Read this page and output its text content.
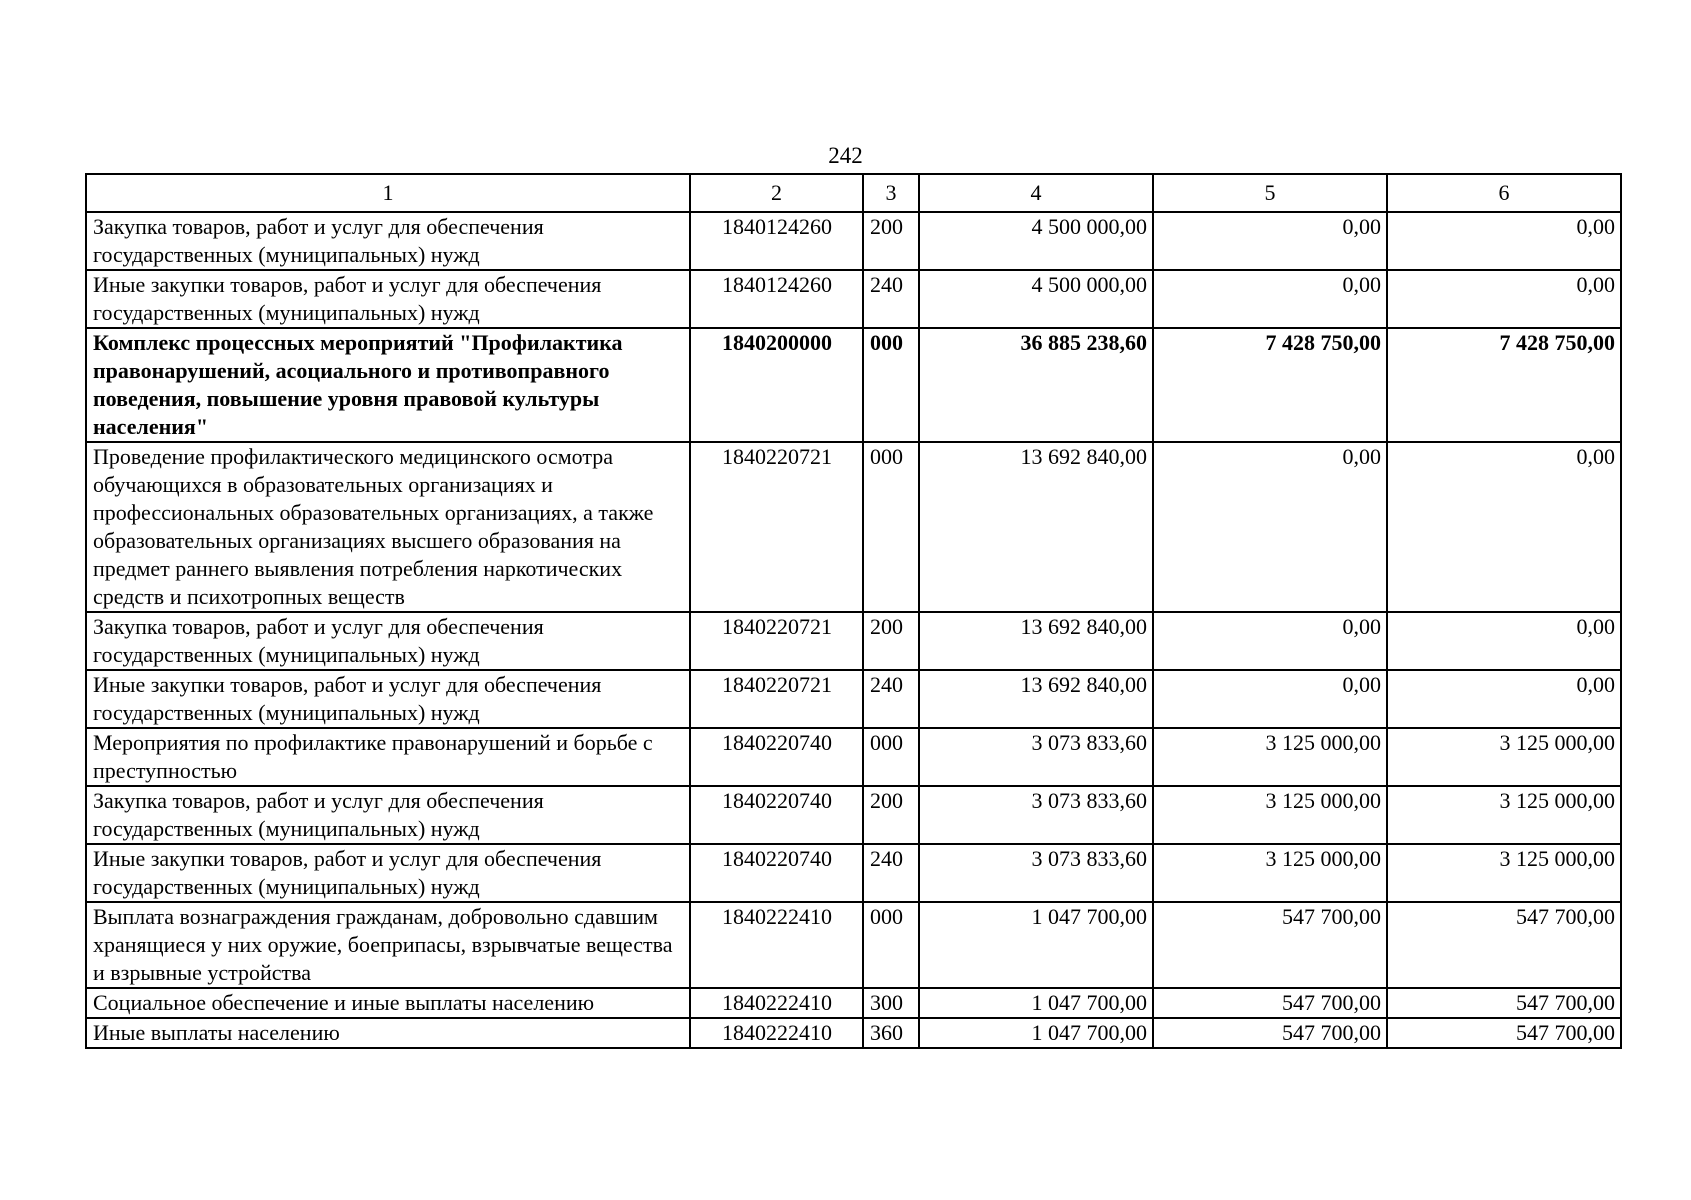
242
1	2	3	4	5	6
Закупка товаров, работ и услуг для обеспечения государственных (муниципальных) нужд	1840124260	200	4 500 000,00	0,00	0,00
Иные закупки товаров, работ и услуг для обеспечения государственных (муниципальных) нужд	1840124260	240	4 500 000,00	0,00	0,00
Комплекс процессных мероприятий "Профилактика правонарушений, асоциального и противоправного поведения, повышение уровня правовой культуры населения"	1840200000	000	36 885 238,60	7 428 750,00	7 428 750,00
Проведение профилактического медицинского осмотра обучающихся в образовательных организациях и профессиональных образовательных организациях, а также образовательных организациях высшего образования на предмет раннего выявления потребления наркотических средств и психотропных веществ	1840220721	000	13 692 840,00	0,00	0,00
Закупка товаров, работ и услуг для обеспечения государственных (муниципальных) нужд	1840220721	200	13 692 840,00	0,00	0,00
Иные закупки товаров, работ и услуг для обеспечения государственных (муниципальных) нужд	1840220721	240	13 692 840,00	0,00	0,00
Мероприятия по профилактике правонарушений и борьбе с преступностью	1840220740	000	3 073 833,60	3 125 000,00	3 125 000,00
Закупка товаров, работ и услуг для обеспечения государственных (муниципальных) нужд	1840220740	200	3 073 833,60	3 125 000,00	3 125 000,00
Иные закупки товаров, работ и услуг для обеспечения государственных (муниципальных) нужд	1840220740	240	3 073 833,60	3 125 000,00	3 125 000,00
Выплата вознаграждения гражданам, добровольно сдавшим хранящиеся у них оружие, боеприпасы, взрывчатые вещества и взрывные устройства	1840222410	000	1 047 700,00	547 700,00	547 700,00
Социальное обеспечение и иные выплаты населению	1840222410	300	1 047 700,00	547 700,00	547 700,00
Иные выплаты населению	1840222410	360	1 047 700,00	547 700,00	547 700,00
